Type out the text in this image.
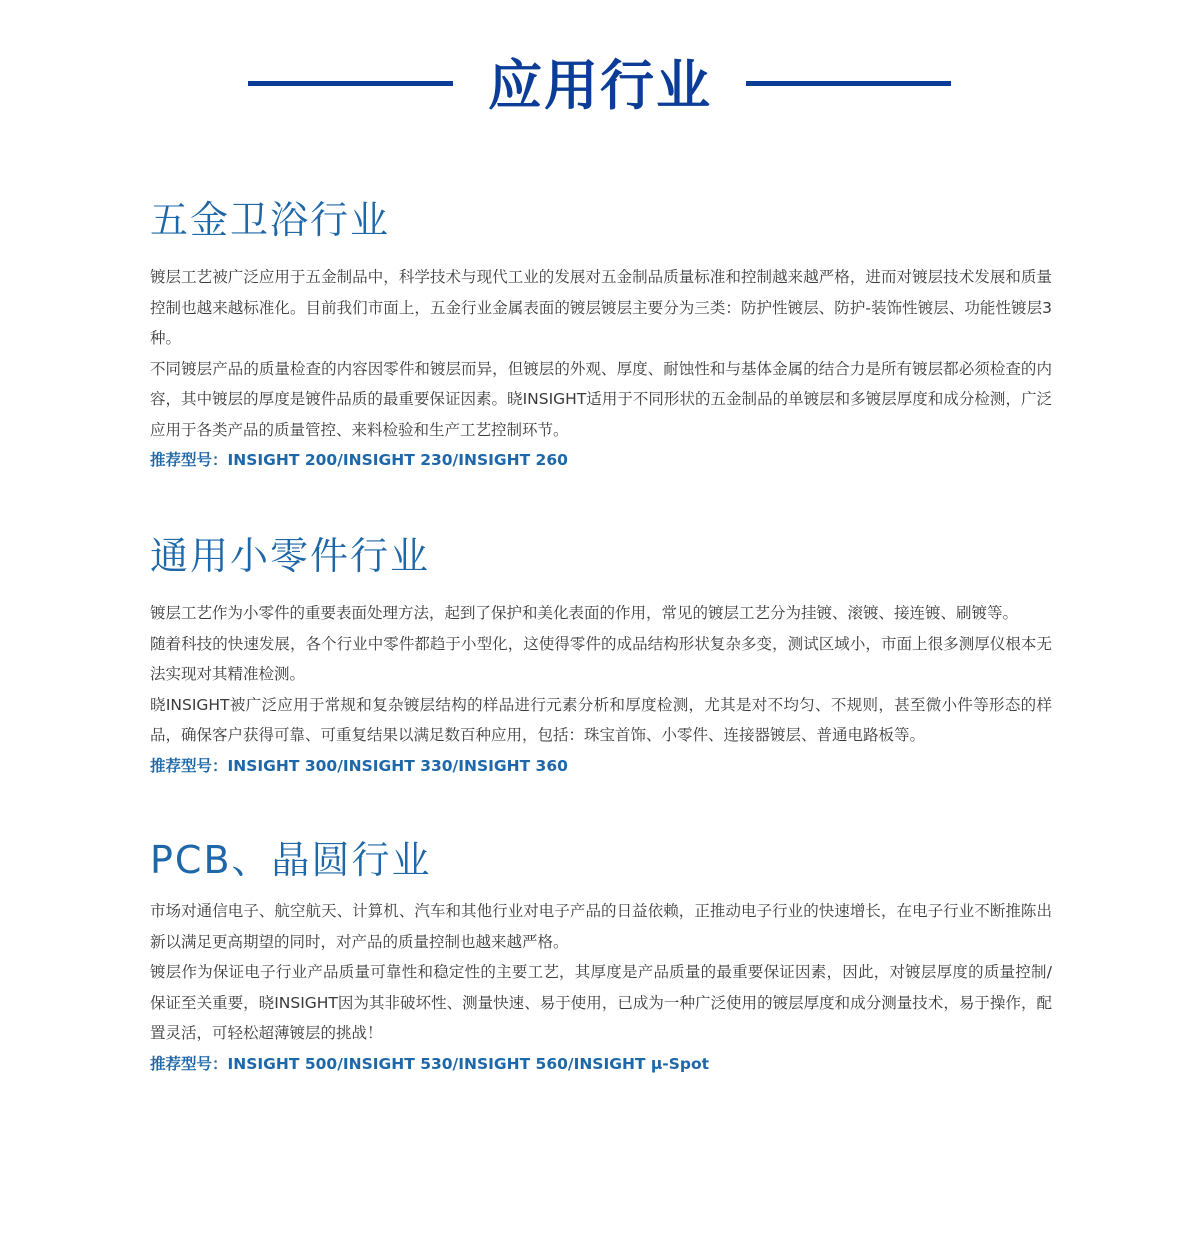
应用行业
五金卫浴行业

镀层工艺被广泛应用于五金制品中，科学技术与现代工业的发展对五金制品质量标准和控制越来越严格，进而对镀层技术发展和质量控制也越来越标准化。目前我们市面上，五金行业金属表面的镀层镀层主要分为三类：防护性镀层、防护-装饰性镀层、功能性镀层3种。

不同镀层产品的质量检查的内容因零件和镀层而异，但镀层的外观、厚度、耐蚀性和与基体金属的结合力是所有镀层都必须检查的内容，其中镀层的厚度是镀件品质的最重要保证因素。晓INSIGHT适用于不同形状的五金制品的单镀层和多镀层厚度和成分检测，广泛应用于各类产品的质量管控、来料检验和生产工艺控制环节。

推荐型号：INSIGHT 200/INSIGHT 230/INSIGHT 260

通用小零件行业

镀层工艺作为小零件的重要表面处理方法，起到了保护和美化表面的作用，常见的镀层工艺分为挂镀、滚镀、接连镀、刷镀等。

随着科技的快速发展，各个行业中零件都趋于小型化，这使得零件的成品结构形状复杂多变，测试区域小，市面上很多测厚仪根本无法实现对其精准检测。

晓INSIGHT被广泛应用于常规和复杂镀层结构的样品进行元素分析和厚度检测，尤其是对不均匀、不规则，甚至微小件等形态的样品，确保客户获得可靠、可重复结果以满足数百种应用，包括：珠宝首饰、小零件、连接器镀层、普通电路板等。

推荐型号：INSIGHT 300/INSIGHT 330/INSIGHT 360

PCB、晶圆行业

市场对通信电子、航空航天、计算机、汽车和其他行业对电子产品的日益依赖，正推动电子行业的快速增长，在电子行业不断推陈出新以满足更高期望的同时，对产品的质量控制也越来越严格。

镀层作为保证电子行业产品质量可靠性和稳定性的主要工艺，其厚度是产品质量的最重要保证因素，因此，对镀层厚度的质量控制/保证至关重要，晓INSIGHT因为其非破坏性、测量快速、易于使用，已成为一种广泛使用的镀层厚度和成分测量技术，易于操作，配置灵活，可轻松超薄镀层的挑战！

推荐型号：INSIGHT 500/INSIGHT 530/INSIGHT 560/INSIGHT μ-Spot
